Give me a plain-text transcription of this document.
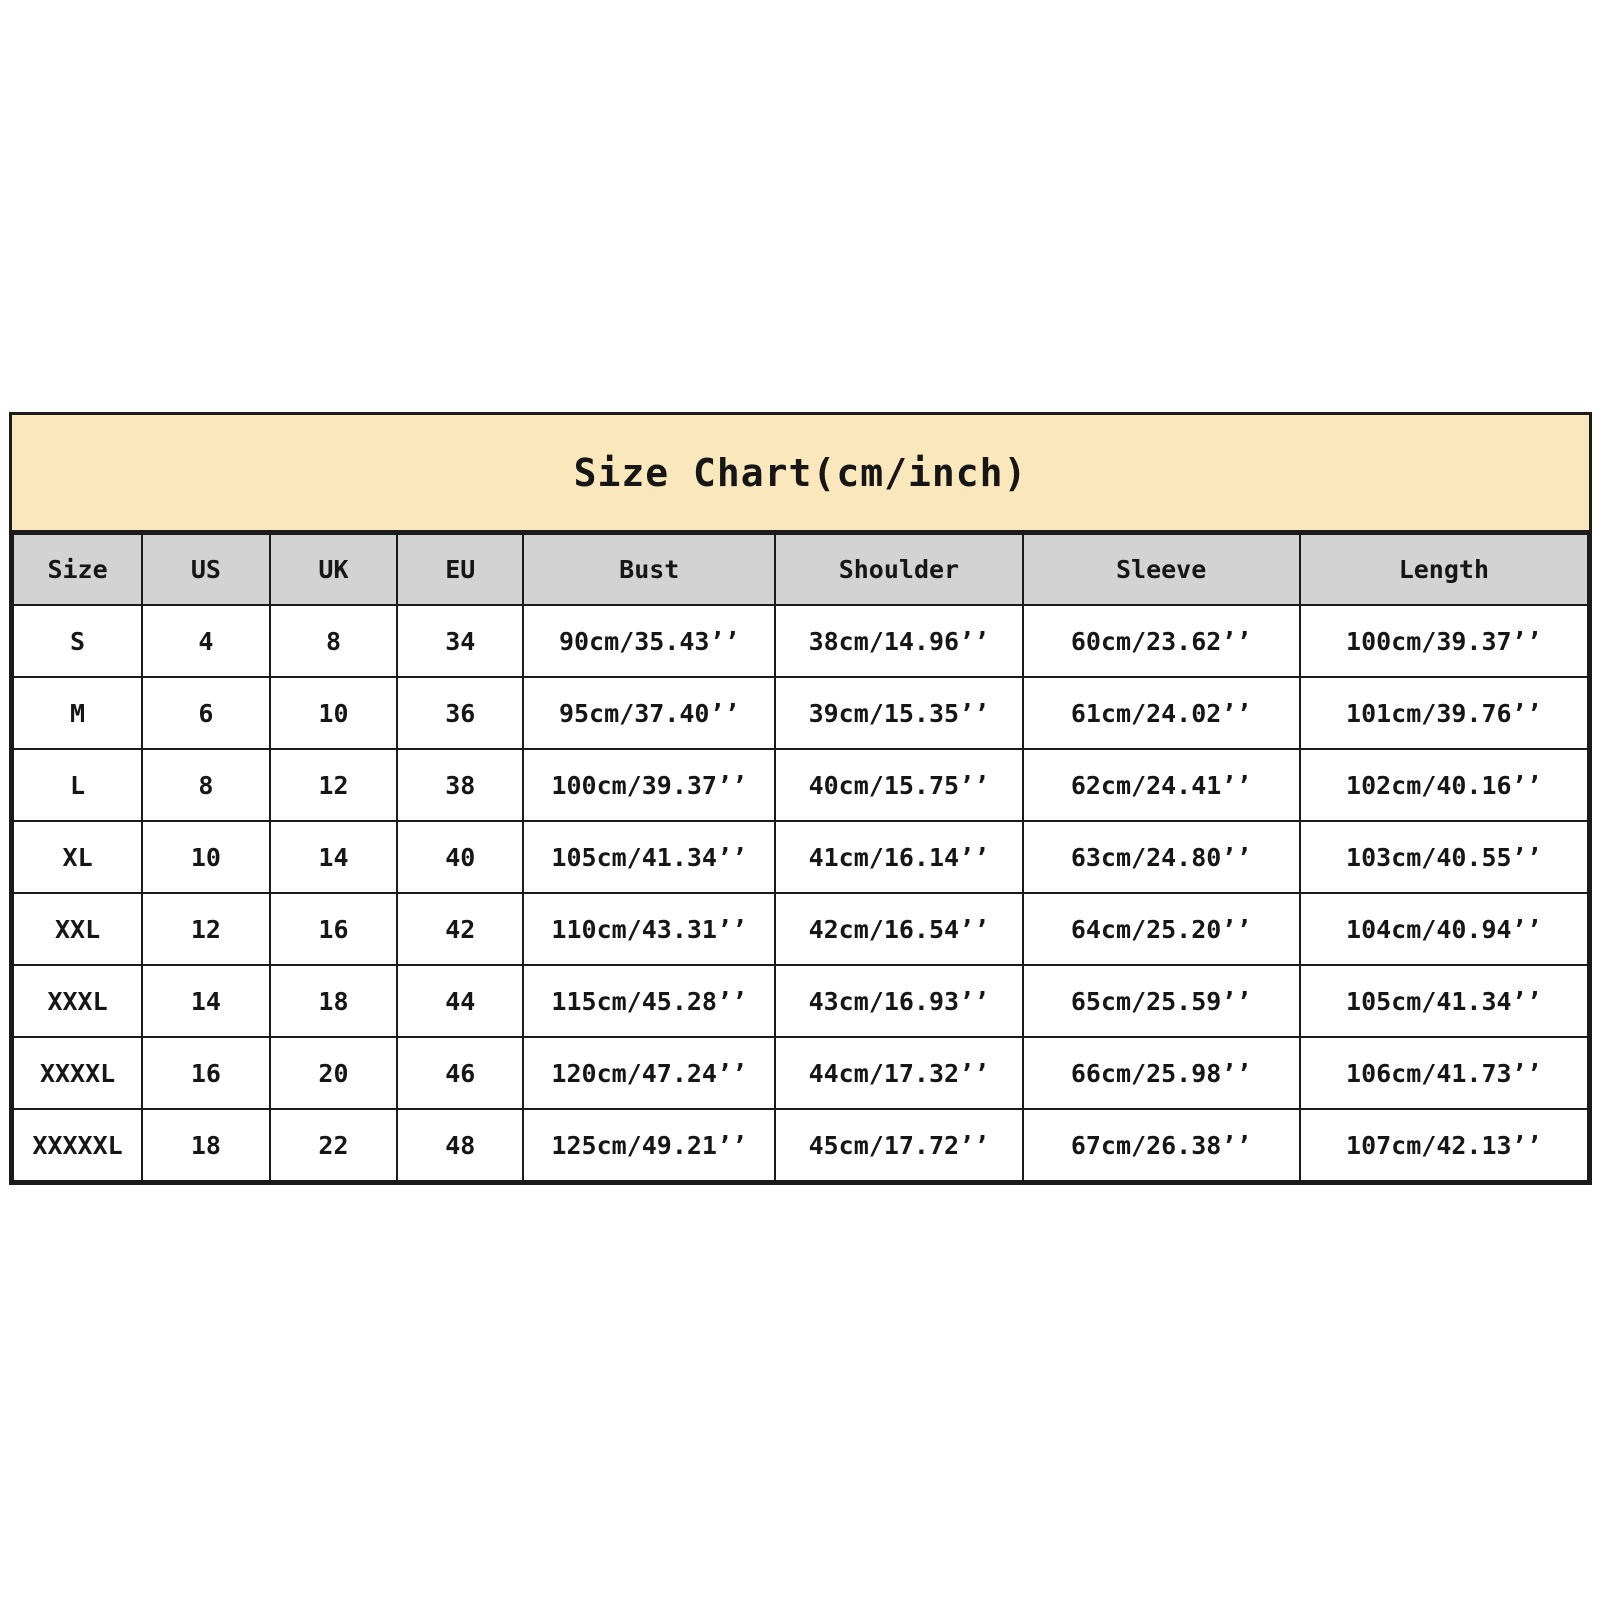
Size Chart(cm/inch)
Size	US	UK	EU	Bust	Shoulder	Sleeve	Length
S	4	8	34	90cm/35.43’’	38cm/14.96’’	60cm/23.62’’	100cm/39.37’’
M	6	10	36	95cm/37.40’’	39cm/15.35’’	61cm/24.02’’	101cm/39.76’’
L	8	12	38	100cm/39.37’’	40cm/15.75’’	62cm/24.41’’	102cm/40.16’’
XL	10	14	40	105cm/41.34’’	41cm/16.14’’	63cm/24.80’’	103cm/40.55’’
XXL	12	16	42	110cm/43.31’’	42cm/16.54’’	64cm/25.20’’	104cm/40.94’’
XXXL	14	18	44	115cm/45.28’’	43cm/16.93’’	65cm/25.59’’	105cm/41.34’’
XXXXL	16	20	46	120cm/47.24’’	44cm/17.32’’	66cm/25.98’’	106cm/41.73’’
XXXXXL	18	22	48	125cm/49.21’’	45cm/17.72’’	67cm/26.38’’	107cm/42.13’’
